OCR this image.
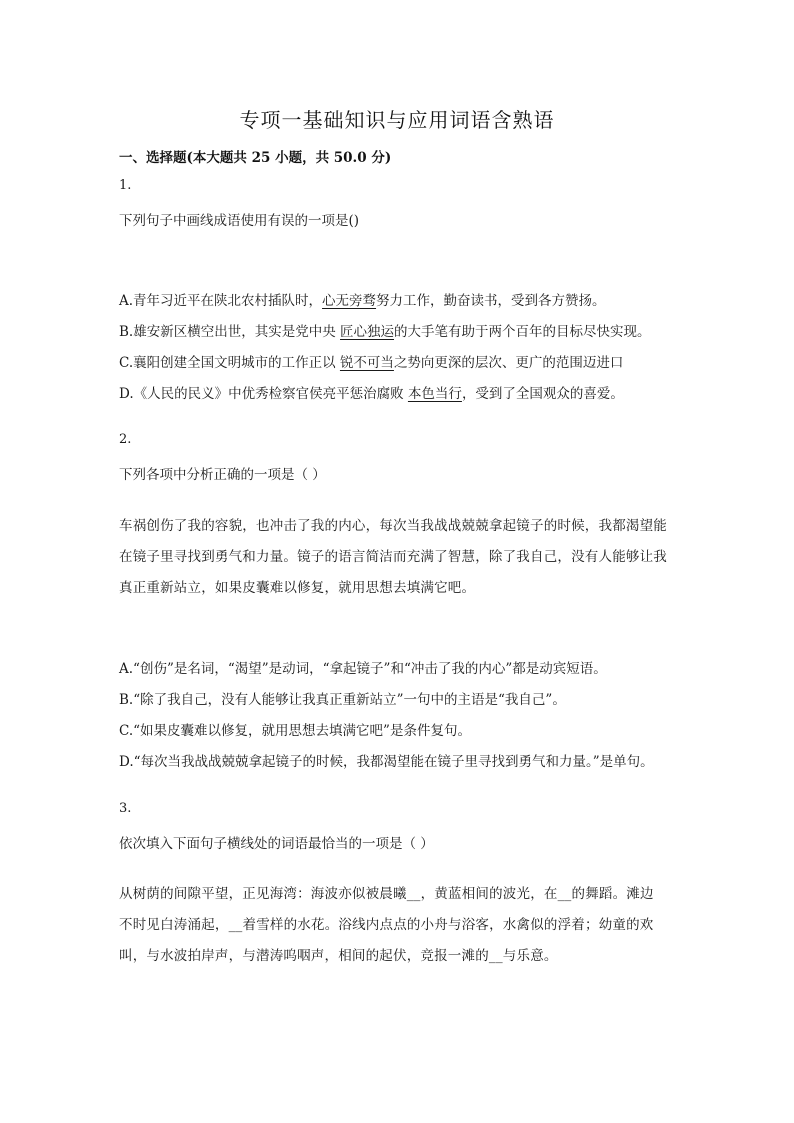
专项一基础知识与应用词语含熟语
一、选择题(本大题共 25 小题，共 50.0 分)
1.
下列句子中画线成语使用有误的一项是()
A.青年习近平在陕北农村插队时，心无旁骛努力工作，勤奋读书，受到各方赞扬。
B.雄安新区横空出世，其实是党中央 匠心独运的大手笔有助于两个百年的目标尽快实现。
C.襄阳创建全国文明城市的工作正以 锐不可当之势向更深的层次、更广的范围迈进口
D.《人民的民义》中优秀检察官侯亮平惩治腐败 本色当行，受到了全国观众的喜爱。
2.
下列各项中分析正确的一项是（ ）
车祸创伤了我的容貌，也冲击了我的内心，每次当我战战兢兢拿起镜子的时候，我都渴望能
在镜子里寻找到勇气和力量。镜子的语言简洁而充满了智慧，除了我自己，没有人能够让我
真正重新站立，如果皮囊难以修复，就用思想去填满它吧。
A.“创伤”是名词，“渴望”是动词，“拿起镜子”和“冲击了我的内心”都是动宾短语。
B.“除了我自己，没有人能够让我真正重新站立”一句中的主语是“我自己”。
C.“如果皮囊难以修复，就用思想去填满它吧”是条件复句。
D.“每次当我战战兢兢拿起镜子的时候，我都渴望能在镜子里寻找到勇气和力量。”是单句。
3.
依次填入下面句子横线处的词语最恰当的一项是（ ）
从树荫的间隙平望，正见海湾：海波亦似被晨曦__，黄蓝相间的波光，在__的舞蹈。滩边
不时见白涛涌起，__着雪样的水花。浴线内点点的小舟与浴客，水禽似的浮着；幼童的欢
叫，与水波拍岸声，与潜涛呜咽声，相间的起伏，竞报一滩的__与乐意。
